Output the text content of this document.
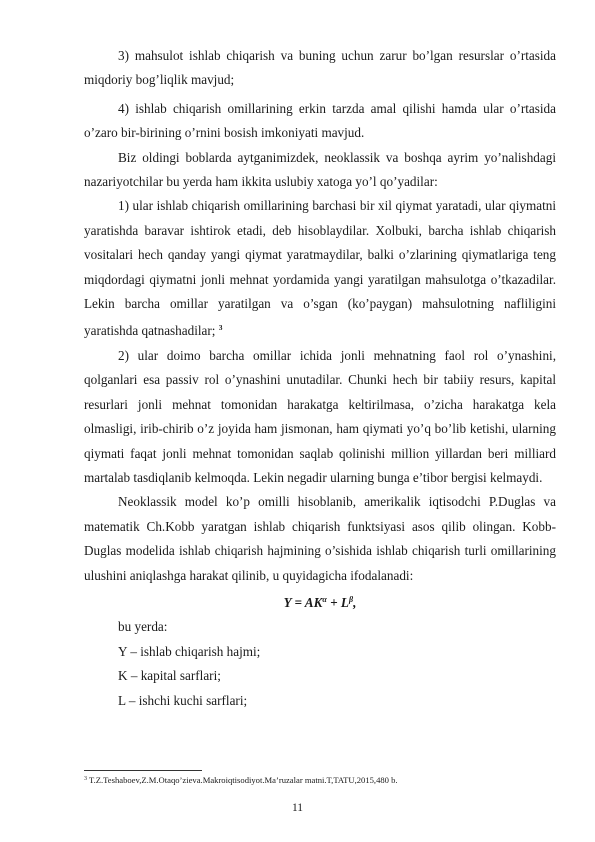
3) mahsulot ishlab chiqarish va buning uchun zarur bo’lgan resurslar o’rtasida miqdoriy bog’liqlik mavjud;

4) ishlab chiqarish omillarining erkin tarzda amal qilishi hamda ular o’rtasida o’zaro bir-birining o’rnini bosish imkoniyati mavjud.

Biz oldingi boblarda aytganimizdek, neoklassik va boshqa ayrim yo’nalishdagi nazariyotchilar bu yerda ham ikkita uslubiy xatoga yo’l qo’yadilar:

1) ular ishlab chiqarish omillarining barchasi bir xil qiymat yaratadi, ular qiymatni yaratishda baravar ishtirok etadi, deb hisoblaydilar. Xolbuki, barcha ishlab chiqarish vositalari hech qanday yangi qiymat yaratmaydilar, balki o’zlarining qiymatlariga teng miqdordagi qiymatni jonli mehnat yordamida yangi yaratilgan mahsulotga o’tkazadilar. Lekin barcha omillar yaratilgan va o’sgan (ko’paygan) mahsulotning nafliligini yaratishda qatnashadilar; $^3$

2) ular doimo barcha omillar ichida jonli mehnatning faol rol o’ynashini, qolganlari esa passiv rol o’ynashini unutadilar. Chunki hech bir tabiiy resurs, kapital resurlari jonli mehnat tomonidan harakatga keltirilmasa, o’zicha harakatga kela olmasligi, irib-chirib o’z joyida ham jismonan, ham qiymati yo’q bo’lib ketishi, ularning qiymati faqat jonli mehnat tomonidan saqlab qolinishi million yillardan beri milliard martalab tasdiqlanib kelmoqda. Lekin negadir ularning bunga e’tibor bergisi kelmaydi.

Neoklassik model ko’p omilli hisoblanib, amerikalik iqtisodchi P.Duglas va matematik Ch.Kobb yaratgan ishlab chiqarish funktsiyasi asos qilib olingan. Kobb-Duglas modelida ishlab chiqarish hajmining o’sishida ishlab chiqarish turli omillarining ulushini aniqlashga harakat qilinib, u quyidagicha ifodalanadi:

$Y = AK^\alpha + L^\beta$,

bu yerda:

Y – ishlab chiqarish hajmi;

K – kapital sarflari;

L – ishchi kuchi sarflari;

$^3$ T.Z.Teshaboev,Z.M.Otaqo’zieva.Makroiqtisodiyot.Ma’ruzalar matni.T,TATU,2015,480 b.
11
